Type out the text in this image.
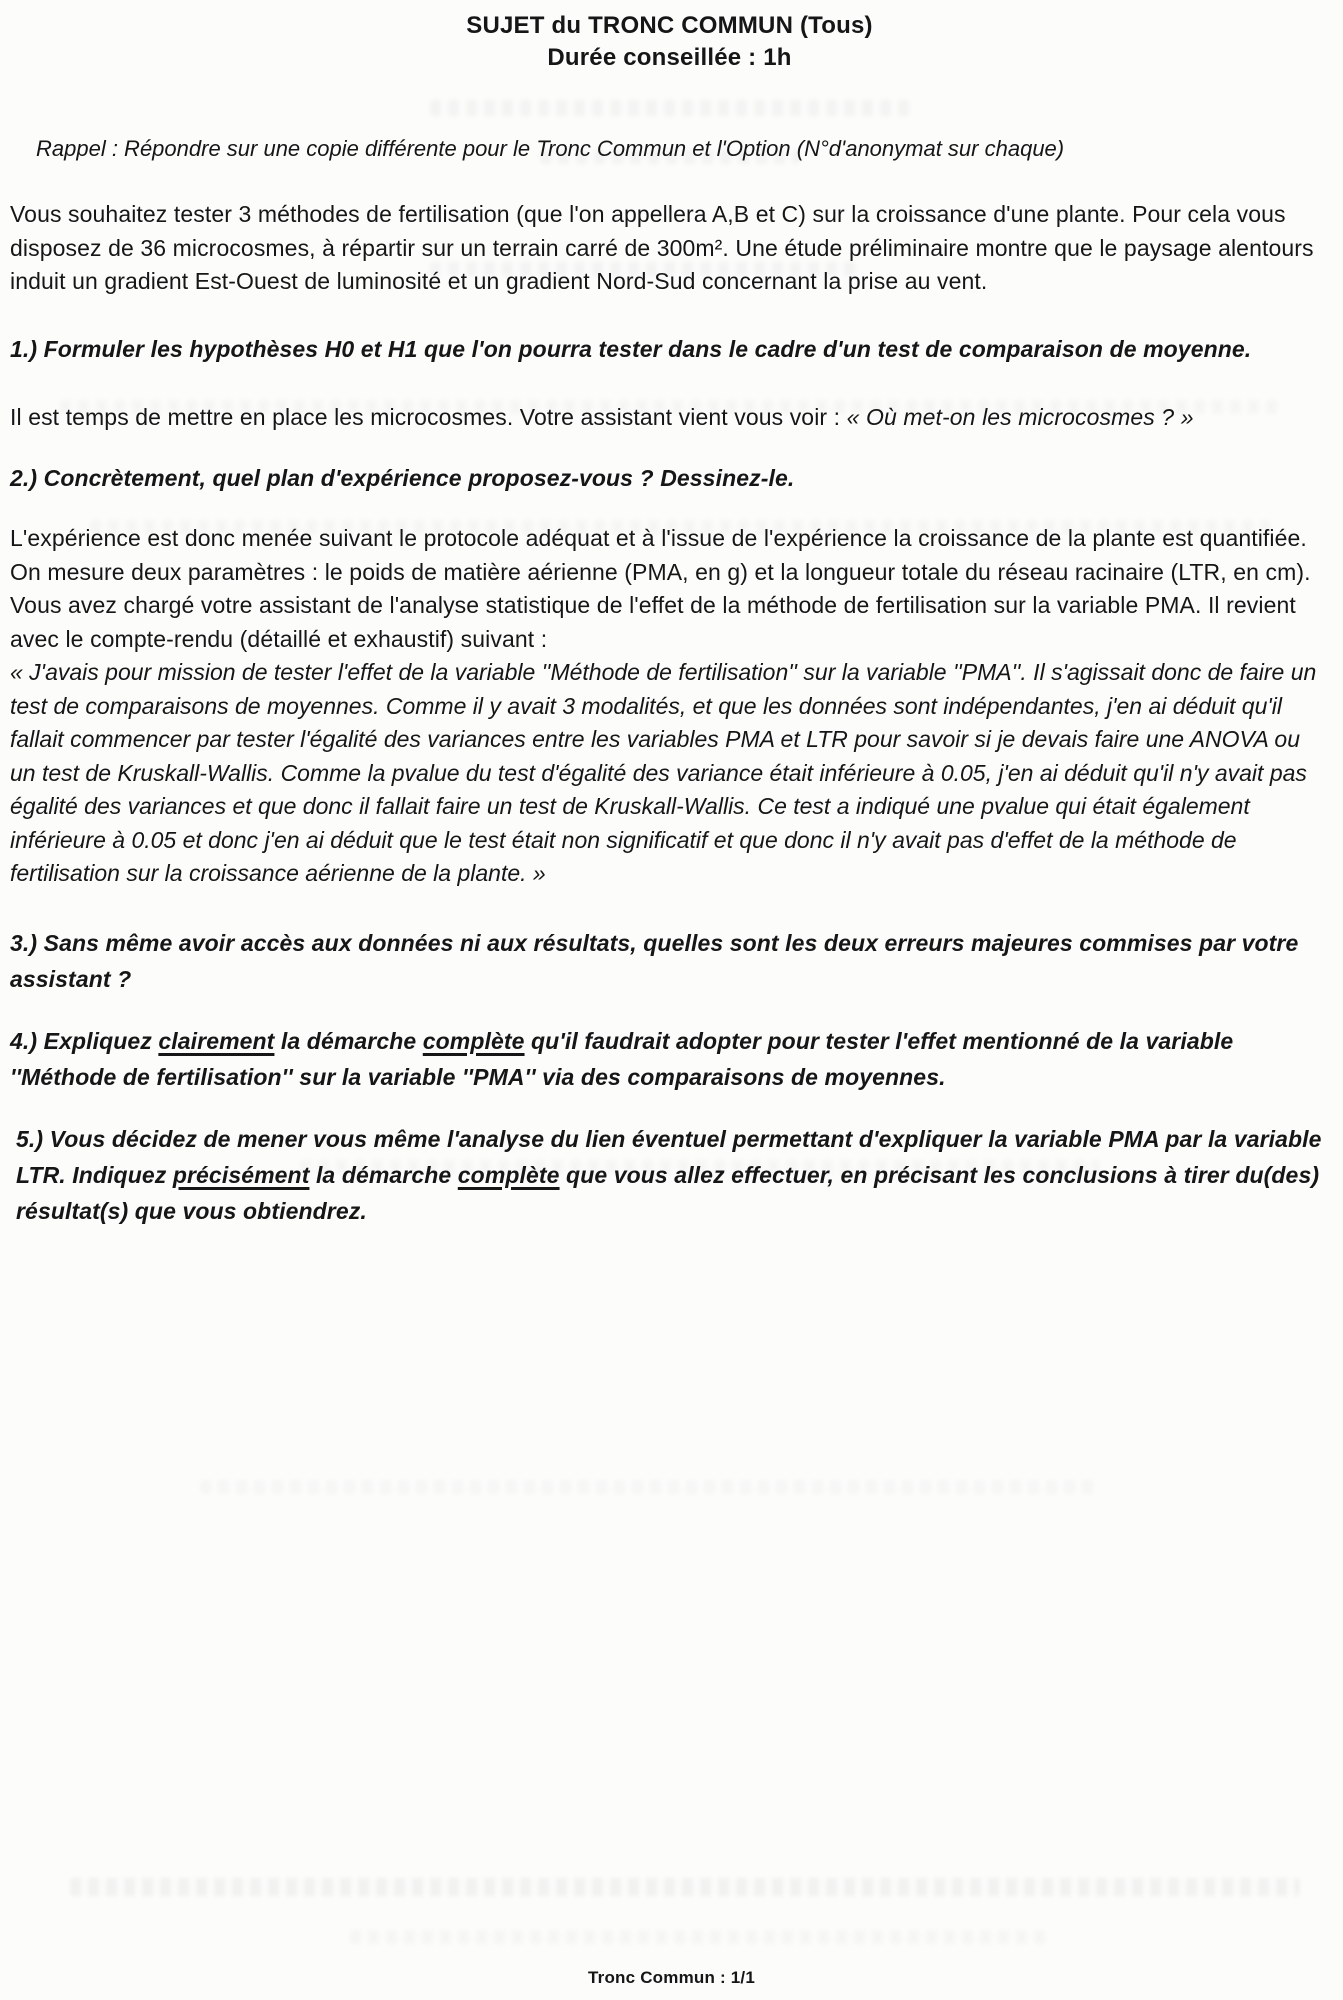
SUJET du TRONC COMMUN (Tous)
Durée conseillée : 1h
Rappel : Répondre sur une copie différente pour le Tronc Commun et l'Option (N°d'anonymat sur chaque)
Vous souhaitez tester 3 méthodes de fertilisation (que l'on appellera A,B et C) sur la croissance d'une plante. Pour cela vous disposez de 36 microcosmes, à répartir sur un terrain carré de 300m². Une étude préliminaire montre que le paysage alentours induit un gradient Est-Ouest de luminosité et un gradient Nord-Sud concernant la prise au vent.
1.) Formuler les hypothèses H0 et H1 que l'on pourra tester dans le cadre d'un test de comparaison de moyenne.
Il est temps de mettre en place les microcosmes. Votre assistant vient vous voir : « Où met-on les microcosmes ? »
2.) Concrètement, quel plan d'expérience proposez-vous ? Dessinez-le.
L'expérience est donc menée suivant le protocole adéquat et à l'issue de l'expérience la croissance de la plante est quantifiée. On mesure deux paramètres : le poids de matière aérienne (PMA, en g) et la longueur totale du réseau racinaire (LTR, en cm).
Vous avez chargé votre assistant de l'analyse statistique de l'effet de la méthode de fertilisation sur la variable PMA. Il revient avec le compte-rendu (détaillé et exhaustif) suivant :
« J'avais pour mission de tester l'effet de la variable ''Méthode de fertilisation'' sur la variable ''PMA''. Il s'agissait donc de faire un test de comparaisons de moyennes. Comme il y avait 3 modalités, et que les données sont indépendantes, j'en ai déduit qu'il fallait commencer par tester l'égalité des variances entre les variables PMA et LTR pour savoir si je devais faire une ANOVA ou un test de Kruskall-Wallis. Comme la pvalue du test d'égalité des variance était inférieure à 0.05, j'en ai déduit qu'il n'y avait pas égalité des variances et que donc il fallait faire un test de Kruskall-Wallis. Ce test a indiqué une pvalue qui était également inférieure à 0.05 et donc j'en ai déduit que le test était non significatif et que donc il n'y avait pas d'effet de la méthode de fertilisation sur la croissance aérienne de la plante. »
3.) Sans même avoir accès aux données ni aux résultats, quelles sont les deux erreurs majeures commises par votre assistant ?
4.) Expliquez clairement la démarche complète qu'il faudrait adopter pour tester l'effet mentionné de la variable ''Méthode de fertilisation'' sur la variable ''PMA'' via des comparaisons de moyennes.
5.) Vous décidez de mener vous même l'analyse du lien éventuel permettant d'expliquer la variable PMA par la variable LTR. Indiquez précisément la démarche complète que vous allez effectuer, en précisant les conclusions à tirer du(des) résultat(s) que vous obtiendrez.
Tronc Commun : 1/1
